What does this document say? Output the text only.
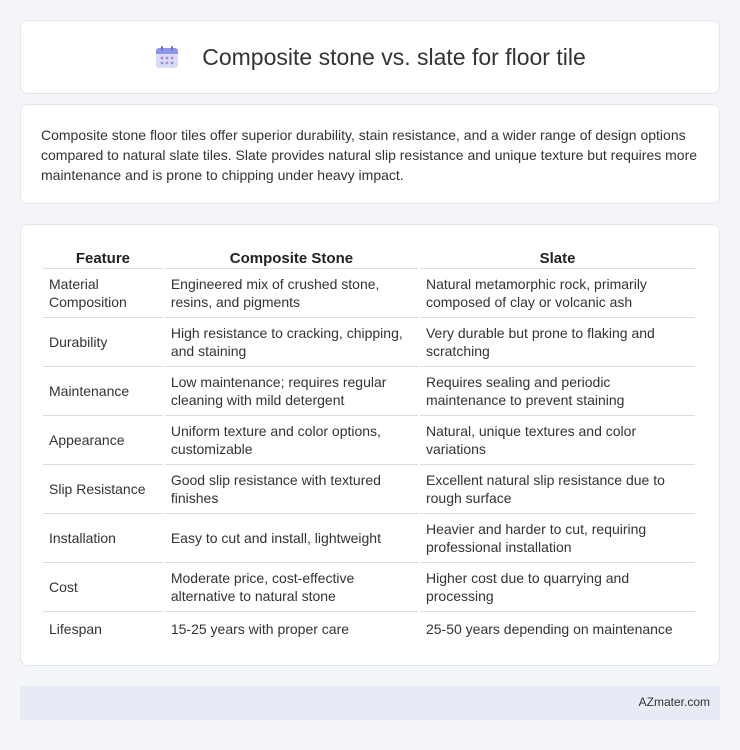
Composite stone vs. slate for floor tile

Composite stone floor tiles offer superior durability, stain resistance, and a wider range of design options compared to natural slate tiles. Slate provides natural slip resistance and unique texture but requires more maintenance and is prone to chipping under heavy impact.

Feature	Composite Stone	Slate
Material Composition	Engineered mix of crushed stone, resins, and pigments	Natural metamorphic rock, primarily composed of clay or volcanic ash
Durability	High resistance to cracking, chipping, and staining	Very durable but prone to flaking and scratching
Maintenance	Low maintenance; requires regular cleaning with mild detergent	Requires sealing and periodic maintenance to prevent staining
Appearance	Uniform texture and color options, customizable	Natural, unique textures and color variations
Slip Resistance	Good slip resistance with textured finishes	Excellent natural slip resistance due to rough surface
Installation	Easy to cut and install, lightweight	Heavier and harder to cut, requiring professional installation
Cost	Moderate price, cost-effective alternative to natural stone	Higher cost due to quarrying and processing
Lifespan	15-25 years with proper care	25-50 years depending on maintenance
AZmater.com
